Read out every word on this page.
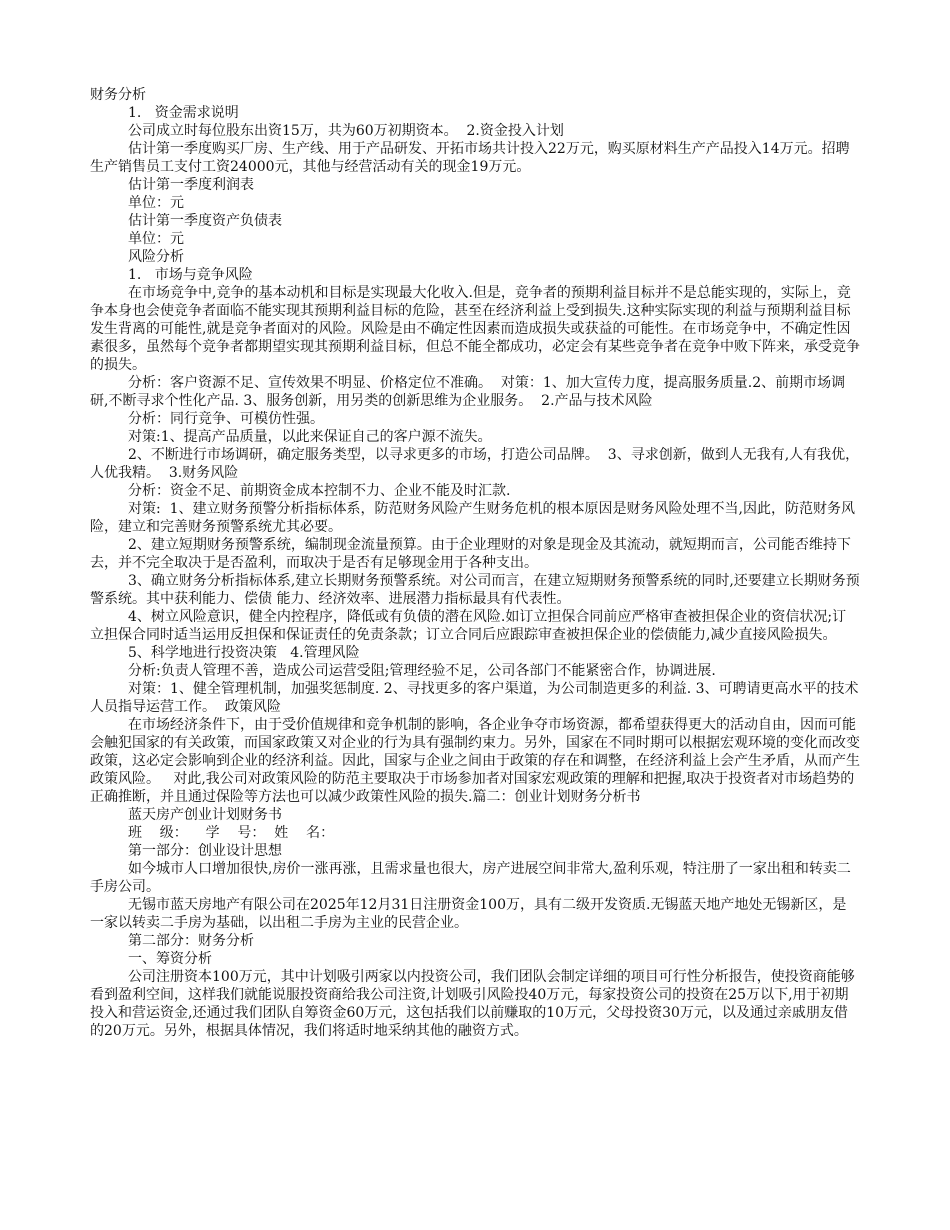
财务分析

1.   资金需求说明

公司成立时每位股东出资15万，共为60万初期资本。  2.资金投入计划

估计第一季度购买厂房、生产线、用于产品研发、开拓市场共计投入22万元，购买原材料生产产品投入14万元。招聘生产销售员工支付工资24000元，其他与经营活动有关的现金19万元。

估计第一季度利润表

单位：元

估计第一季度资产负债表

单位：元

风险分析

1.   市场与竞争风险

在市场竞争中,竞争的基本动机和目标是实现最大化收入.但是，竞争者的预期利益目标并不是总能实现的，实际上，竞争本身也会使竞争者面临不能实现其预期利益目标的危险，甚至在经济利益上受到损失.这种实际实现的利益与预期利益目标发生背离的可能性,就是竞争者面对的风险。风险是由不确定性因素而造成损失或获益的可能性。在市场竞争中，不确定性因素很多，虽然每个竞争者都期望实现其预期利益目标，但总不能全都成功，必定会有某些竞争者在竞争中败下阵来，承受竞争的损失。

分析：客户资源不足、宣传效果不明显、价格定位不准确。  对策：1、加大宣传力度，提高服务质量.2、前期市场调研,不断寻求个性化产品. 3、服务创新，用另类的创新思维为企业服务。  2.产品与技术风险

分析：同行竞争、可模仿性强。

对策:1、提高产品质量，以此来保证自己的客户源不流失。

2、不断进行市场调研，确定服务类型，以寻求更多的市场，打造公司品牌。  3、寻求创新，做到人无我有,人有我优，人优我精。  3.财务风险

分析：资金不足、前期资金成本控制不力、企业不能及时汇款.

对策:  1、建立财务预警分析指标体系，防范财务风险产生财务危机的根本原因是财务风险处理不当,因此，防范财务风险，建立和完善财务预警系统尤其必要。

2、建立短期财务预警系统，编制现金流量预算。由于企业理财的对象是现金及其流动，就短期而言，公司能否维持下去，并不完全取决于是否盈利，而取决于是否有足够现金用于各种支出。

3、确立财务分析指标体系,建立长期财务预警系统。对公司而言，在建立短期财务预警系统的同时,还要建立长期财务预警系统。其中获利能力、偿债 能力、经济效率、进展潜力指标最具有代表性。

4、树立风险意识，健全内控程序，降低或有负债的潜在风险.如订立担保合同前应严格审查被担保企业的资信状况;订立担保合同时适当运用反担保和保证责任的免责条款；订立合同后应跟踪审查被担保企业的偿债能力,减少直接风险损失。

5、科学地进行投资决策   4.管理风险

分析:负责人管理不善，造成公司运营受阻;管理经验不足，公司各部门不能紧密合作，协调进展.

对策：1、健全管理机制，加强奖惩制度. 2、寻找更多的客户渠道，为公司制造更多的利益. 3、可聘请更高水平的技术人员指导运营工作。  政策风险

在市场经济条件下，由于受价值规律和竞争机制的影响，各企业争夺市场资源，都希望获得更大的活动自由，因而可能会触犯国家的有关政策，而国家政策又对企业的行为具有强制约束力。另外，国家在不同时期可以根据宏观环境的变化而改变政策，这必定会影响到企业的经济利益。因此，国家与企业之间由于政策的存在和调整，在经济利益上会产生矛盾，从而产生政策风险。   对此,我公司对政策风险的防范主要取决于市场参加者对国家宏观政策的理解和把握,取决于投资者对市场趋势的正确推断，并且通过保险等方法也可以减少政策性风险的损失.篇二：创业计划财务分析书

蓝天房产创业计划财务书

班    级：    学    号：  姓    名：

第一部分：创业设计思想

如今城市人口增加很快,房价一涨再涨，且需求量也很大，房产进展空间非常大,盈利乐观，特注册了一家出租和转卖二手房公司。

无锡市蓝天房地产有限公司在2025年12月31日注册资金100万，具有二级开发资质.无锡蓝天地产地处无锡新区，是一家以转卖二手房为基础，以出租二手房为主业的民营企业。

第二部分：财务分析

一、筹资分析

公司注册资本100万元，其中计划吸引两家以内投资公司，我们团队会制定详细的项目可行性分析报告，使投资商能够看到盈利空间，这样我们就能说服投资商给我公司注资,计划吸引风险投40万元，每家投资公司的投资在25万以下,用于初期投入和营运资金,还通过我们团队自筹资金60万元，这包括我们以前赚取的10万元，父母投资30万元，以及通过亲戚朋友借的20万元。另外，根据具体情况，我们将适时地采纳其他的融资方式。
